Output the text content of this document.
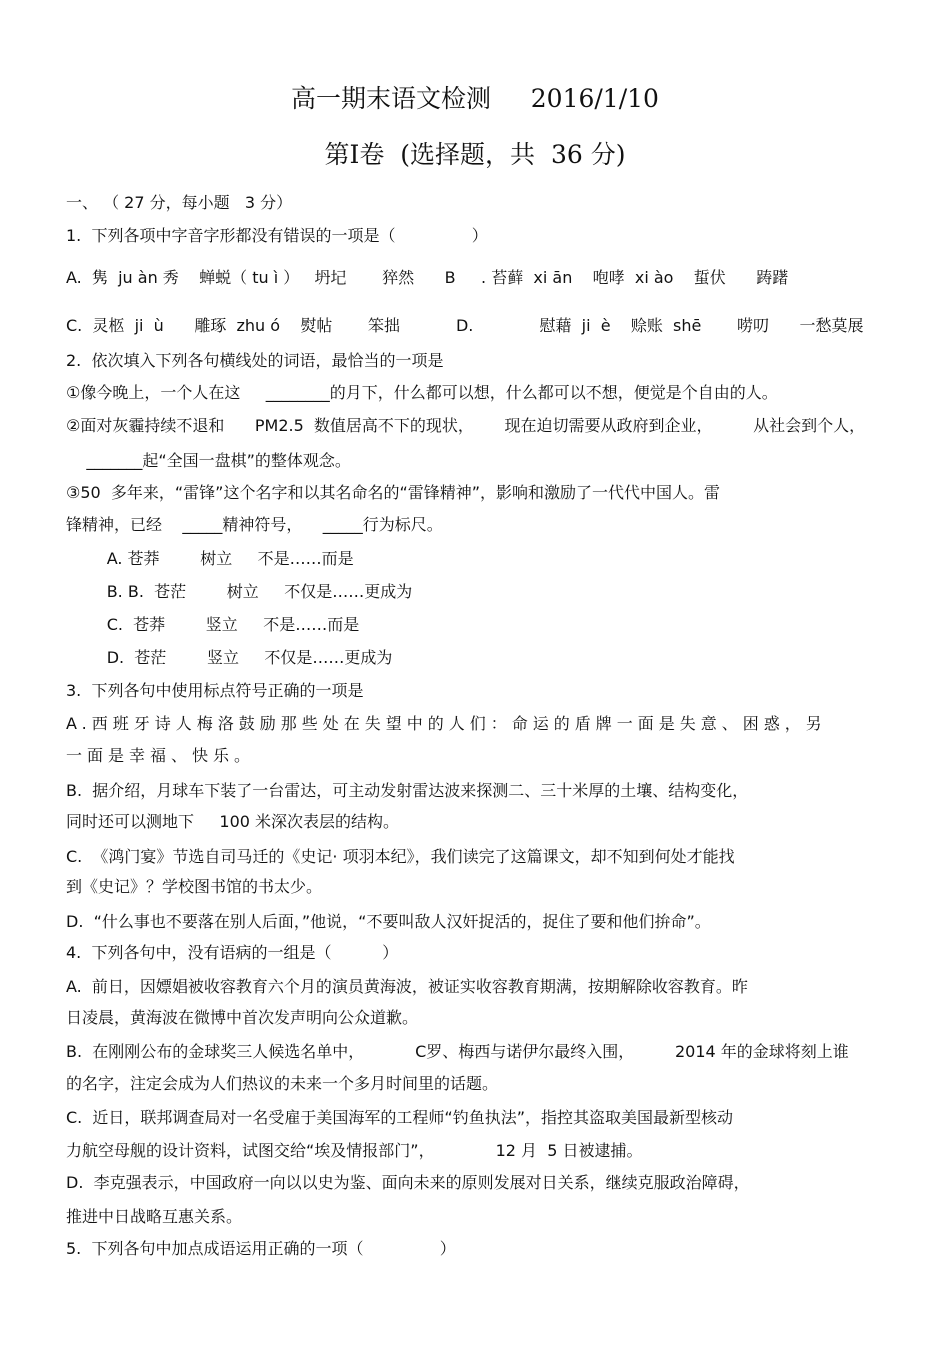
高一期末语文检测     2016/1/10
第Ⅰ卷  (选择题，共  36 分)
一、 （ 27 分，每小题   3 分）
1.  下列各项中字音字形都没有错误的一项是（               ）
A.  隽  ju àn 秀    蝉蜕（ tu ì ）   坍圮       猝然      B     . 苔藓  xi ān    咆哮  xi ào    蜇伏      踌躇
C.  灵柩  ji  ù      雕琢  zhu ó    熨帖       笨拙           D.             慰藉  ji  è    赊账  shē       唠叨      一愁莫展
2.  依次填入下列各句横线处的词语，最恰当的一项是
①像今晚上，一个人在这     ________的月下，什么都可以想，什么都可以不想，便觉是个自由的人。
②面对灰霾持续不退和      PM2.5  数值居高不下的现状，      现在迫切需要从政府到企业，        从社会到个人，
_______起“全国一盘棋”的整体观念。
③50  多年来，“雷锋”这个名字和以其名命名的“雷锋精神”，影响和激励了一代代中国人。雷
锋精神，已经    _____精神符号，    _____行为标尺。
A. 苍莽        树立     不是……而是
B. B.  苍茫        树立     不仅是……更成为
C.  苍莽        竖立     不是……而是
D.  苍茫        竖立     不仅是……更成为
3.  下列各句中使用标点符号正确的一项是
A.西班牙诗人梅洛鼓励那些处在失望中的人们：命运的盾牌一面是失意、困惑，另
一面是幸福、快乐。
B.  据介绍，月球车下装了一台雷达，可主动发射雷达波来探测二、三十米厚的土壤、结构变化，
同时还可以测地下     100 米深次表层的结构。
C.  《鸿门宴》节选自司马迁的《史记· 项羽本纪》，我们读完了这篇课文，却不知到何处才能找
到《史记》？学校图书馆的书太少。
D.  “什么事也不要落在别人后面，”他说，“不要叫敌人汉奸捉活的，捉住了要和他们拚命”。
4.  下列各句中，没有语病的一组是（          ）
A.  前日，因嫖娼被收容教育六个月的演员黄海波，被证实收容教育期满，按期解除收容教育。昨
日凌晨，黄海波在微博中首次发声明向公众道歉。
B.  在刚刚公布的金球奖三人候选名单中，          C罗、梅西与诺伊尔最终入围，        2014 年的金球将刻上谁
的名字，注定会成为人们热议的未来一个多月时间里的话题。
C.  近日，联邦调查局对一名受雇于美国海军的工程师“钓鱼执法”，指控其盗取美国最新型核动
力航空母舰的设计资料，试图交给“埃及情报部门”，            12 月  5 日被逮捕。
D.  李克强表示，中国政府一向以以史为鉴、面向未来的原则发展对日关系，继续克服政治障碍，
推进中日战略互惠关系。
5.  下列各句中加点成语运用正确的一项（               ）
